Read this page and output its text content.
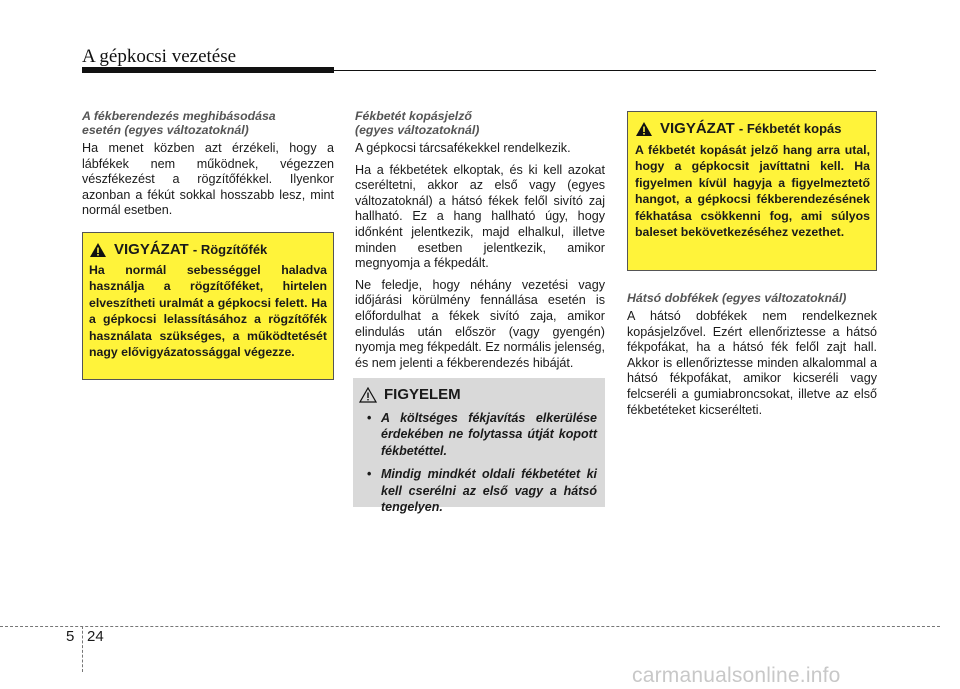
A gépkocsi vezetése
A fékberendezés meghibásodása
esetén (egyes változatoknál)

Ha menet közben azt érzékeli, hogy a lábfékek nem működnek, végezzen vészfékezést a rögzítőfékkel. Ilyenkor azonban a fékút sokkal hosszabb lesz, mint normál esetben.

VIGYÁZAT
- Rögzítőfék
Ha normál sebességgel haladva használja a rögzítőféket, hirtelen elveszítheti uralmát a gépkocsi felett. Ha a gépkocsi lelassításához a rögzítőfék használata szükséges, a működtetését nagy elővigyázatossággal végezze.
Fékbetét kopásjelző
(egyes változatoknál)

A gépkocsi tárcsafékekkel rendelkezik.

Ha a fékbetétek elkoptak, és ki kell azokat cseréltetni, akkor az első vagy (egyes változatoknál) a hátsó fékek felől sivító zaj hallható. Ez a hang hallható úgy, hogy időnként jelentkezik, majd elhalkul, illetve minden esetben jelentkezik, amikor megnyomja a fékpedált.

Ne feledje, hogy néhány vezetési vagy időjárási körülmény fennállása esetén is előfordulhat a fékek sivító zaja, amikor elindulás után először (vagy gyengén) nyomja meg fékpedált. Ez normális jelenség, és nem jelenti a fékberendezés hibáját.

FIGYELEM
• A költséges fékjavítás elkerülése érdekében ne folytassa útját kopott fékbetéttel.
• Mindig mindkét oldali fékbetétet ki kell cserélni az első vagy a hátsó tengelyen.
VIGYÁZAT - Fékbetét kopás
A fékbetét kopását jelző hang arra utal, hogy a gépkocsit javíttatni kell. Ha figyelmen kívül hagyja a figyelmeztető hangot, a gépkocsi fékberendezésének fékhatása csökkenni fog, ami súlyos baleset bekövetkezéséhez vezethet.
Hátsó dobfékek (egyes változatoknál)

A hátsó dobfékek nem rendelkeznek kopásjelzővel. Ezért ellenőriztesse a hátsó fékpofákat, ha a hátsó fék felől zajt hall. Akkor is ellenőriztesse minden alkalommal a hátsó fékpofákat, amikor kicseréli vagy felcseréli a gumiabroncsokat, illetve az első fékbetéteket kicserélteti.

5 24
carmanualsonline.info
